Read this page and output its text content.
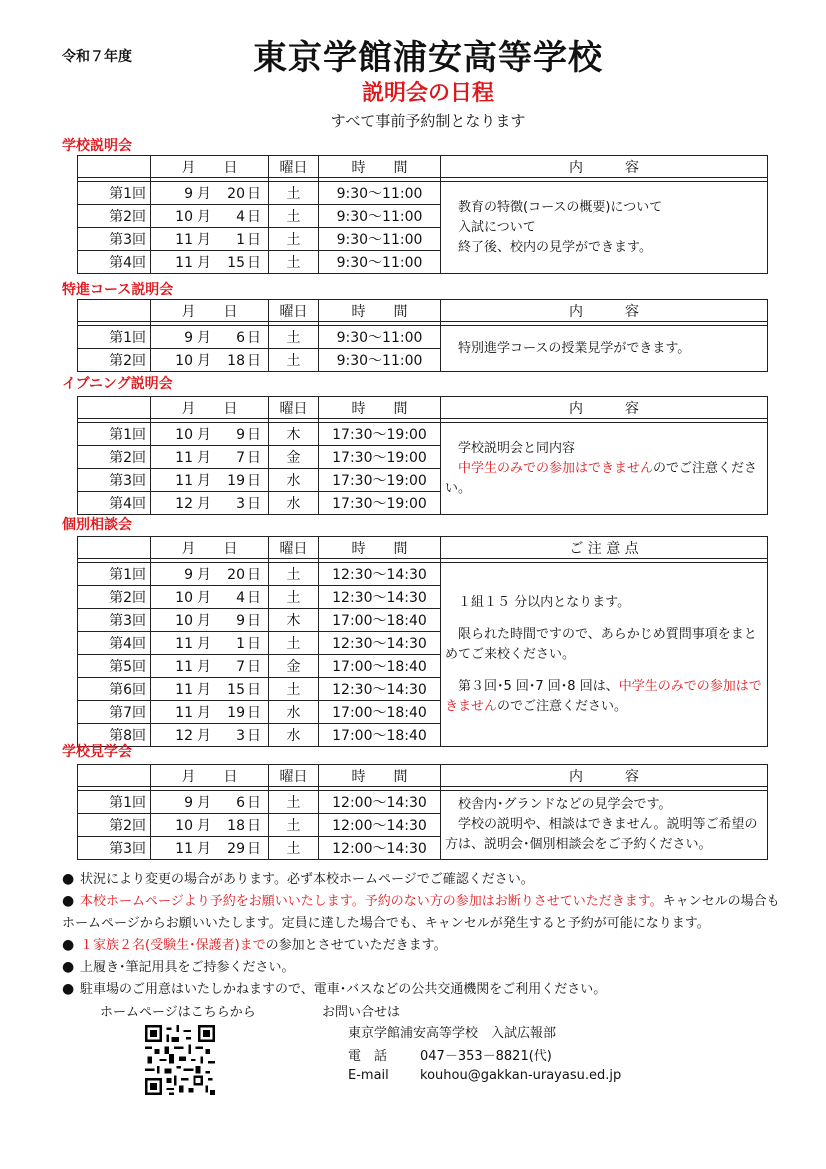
令和７年度	東京学館浦安高等学校
説明会の日程
すべて事前予約制となります
学校説明会
	月　　日	曜日	時　　間	内　　　容

第1回	9 月 20 日	土	9:30～11:00	教育の特徴(コースの概要)について
入試について
終了後、校内の見学ができます。

第2回	10 月 4 日	土	9:30～11:00	
第3回	11 月 1 日	土	9:30～11:00	
第4回	11 月 15 日	土	9:30～11:00	
特進コース説明会
	月　　日	曜日	時　　間	内　　　容

第1回	9 月 6 日	土	9:30～11:00	特別進学コースの授業見学ができます。

第2回	10 月 18 日	土	9:30～11:00	
イブニング説明会
	月　　日	曜日	時　　間	内　　　容

第1回	10 月 9 日	木	17:30～19:00	学校説明会と同内容
中学生のみでの参加はできませんのでご注意ください。

第2回	11 月 7 日	金	17:30～19:00	
第3回	11 月 19 日	水	17:30～19:00	
第4回	12 月 3 日	水	17:30～19:00	
個別相談会
	月　　日	曜日	時　　間	ご 注 意 点

第1回	9 月 20 日	土	12:30～14:30	１組１５ 分以内となります。
限られた時間ですので、あらかじめ質問事項をまとめてご来校ください。
第３回･5 回･7 回･8 回は、中学生のみでの参加はできませんのでご注意ください。

第2回	10 月 4 日	土	12:30～14:30	
第3回	10 月 9 日	木	17:00～18:40	
第4回	11 月 1 日	土	12:30～14:30	
第5回	11 月 7 日	金	17:00～18:40	
第6回	11 月 15 日	土	12:30～14:30	
第7回	11 月 19 日	水	17:00～18:40	
第8回	12 月 3 日	水	17:00～18:40	
学校見学会
	月　　日	曜日	時　　間	内　　　容

第1回	9 月 6 日	土	12:00～14:30	校舎内･グランドなどの見学会です。
学校の説明や、相談はできません。説明等ご希望の方は、説明会･個別相談会をご予約ください。

第2回	10 月 18 日	土	12:00～14:30	
第3回	11 月 29 日	土	12:00～14:30	
● 状況により変更の場合があります。必ず本校ホームページでご確認ください。
● 本校ホームページより予約をお願いいたします。予約のない方の参加はお断りさせていただきます。キャンセルの場合もホームページからお願いいたします。定員に達した場合でも、キャンセルが発生すると予約が可能になります。
● １家族２名(受験生･保護者)までの参加とさせていただきます。
● 上履き･筆記用具をご持参ください。
● 駐車場のご用意はいたしかねますので、電車･バスなどの公共交通機関をご利用ください。
ホームページはこちらから	お問い合せは
東京学館浦安高等学校　入試広報部
電　話	047－353－8821(代)
E-mail kouhou@gakkan-urayasu.ed.jp
